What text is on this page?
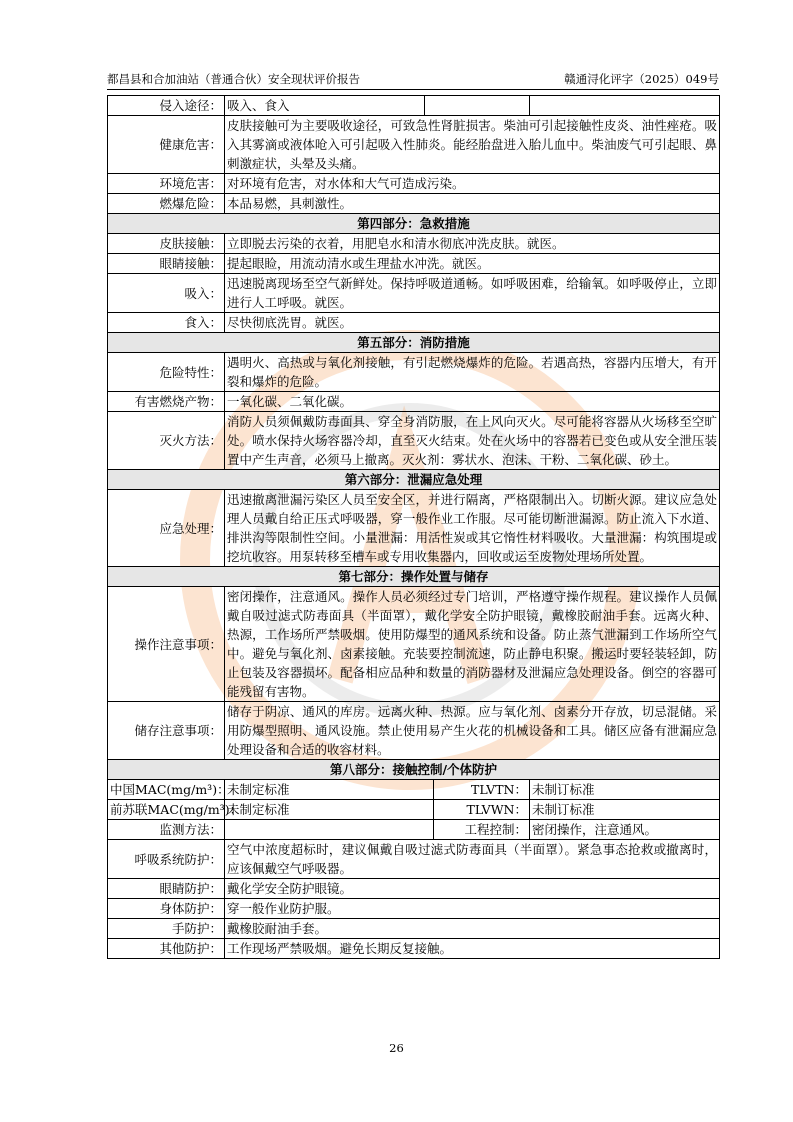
都昌县和合加油站（普通合伙）安全现状评价报告	赣通浔化评字（2025）049号
侵入途径：	吸入、食入			
健康危害：	皮肤接触可为主要吸收途径，可致急性肾脏损害。柴油可引起接触性皮炎、油性痤疮。吸入其雾滴或液体呛入可引起吸入性肺炎。能经胎盘进入胎儿血中。柴油废气可引起眼、鼻刺激症状，头晕及头痛。			
环境危害：	对环境有危害，对水体和大气可造成污染。			
燃爆危险：	本品易燃，具刺激性。			
第四部分：急救措施				
皮肤接触：	立即脱去污染的衣着，用肥皂水和清水彻底冲洗皮肤。就医。			
眼睛接触：	提起眼睑，用流动清水或生理盐水冲洗。就医。			
吸入：	迅速脱离现场至空气新鲜处。保持呼吸道通畅。如呼吸困难，给输氧。如呼吸停止，立即进行人工呼吸。就医。			
食入：	尽快彻底洗胃。就医。			
第五部分：消防措施				
危险特性：	遇明火、高热或与氧化剂接触，有引起燃烧爆炸的危险。若遇高热，容器内压增大，有开裂和爆炸的危险。			
有害燃烧产物：	一氧化碳、二氧化碳。			
灭火方法：	消防人员须佩戴防毒面具、穿全身消防服，在上风向灭火。尽可能将容器从火场移至空旷处。喷水保持火场容器冷却，直至灭火结束。处在火场中的容器若已变色或从安全泄压装置中产生声音，必须马上撤离。灭火剂：雾状水、泡沫、干粉、二氧化碳、砂土。			
第六部分：泄漏应急处理				
应急处理：	迅速撤离泄漏污染区人员至安全区，并进行隔离，严格限制出入。切断火源。建议应急处理人员戴自给正压式呼吸器，穿一般作业工作服。尽可能切断泄漏源。防止流入下水道、排洪沟等限制性空间。小量泄漏：用活性炭或其它惰性材料吸收。大量泄漏：构筑围堤或挖坑收容。用泵转移至槽车或专用收集器内，回收或运至废物处理场所处置。			
第七部分：操作处置与储存				
操作注意事项：	密闭操作，注意通风。操作人员必须经过专门培训，严格遵守操作规程。建议操作人员佩戴自吸过滤式防毒面具（半面罩），戴化学安全防护眼镜，戴橡胶耐油手套。远离火种、热源，工作场所严禁吸烟。使用防爆型的通风系统和设备。防止蒸气泄漏到工作场所空气中。避免与氧化剂、卤素接触。充装要控制流速，防止静电积聚。搬运时要轻装轻卸，防止包装及容器损坏。配备相应品种和数量的消防器材及泄漏应急处理设备。倒空的容器可能残留有害物。			
储存注意事项：	储存于阴凉、通风的库房。远离火种、热源。应与氧化剂、卤素分开存放，切忌混储。采用防爆型照明、通风设施。禁止使用易产生火花的机械设备和工具。储区应备有泄漏应急处理设备和合适的收容材料。			
第八部分：接触控制/个体防护				
中国MAC(mg/m³)：	未制定标准		TLVTN：	未制订标准
前苏联MAC(mg/m³)：	未制定标准		TLVWN：	未制订标准
监测方法：			工程控制：	密闭操作，注意通风。
呼吸系统防护：	空气中浓度超标时，建议佩戴自吸过滤式防毒面具（半面罩）。紧急事态抢救或撤离时，应该佩戴空气呼吸器。			
眼睛防护：	戴化学安全防护眼镜。			
身体防护：	穿一般作业防护服。			
手防护：	戴橡胶耐油手套。			
其他防护：	工作现场严禁吸烟。避免长期反复接触。			
26
